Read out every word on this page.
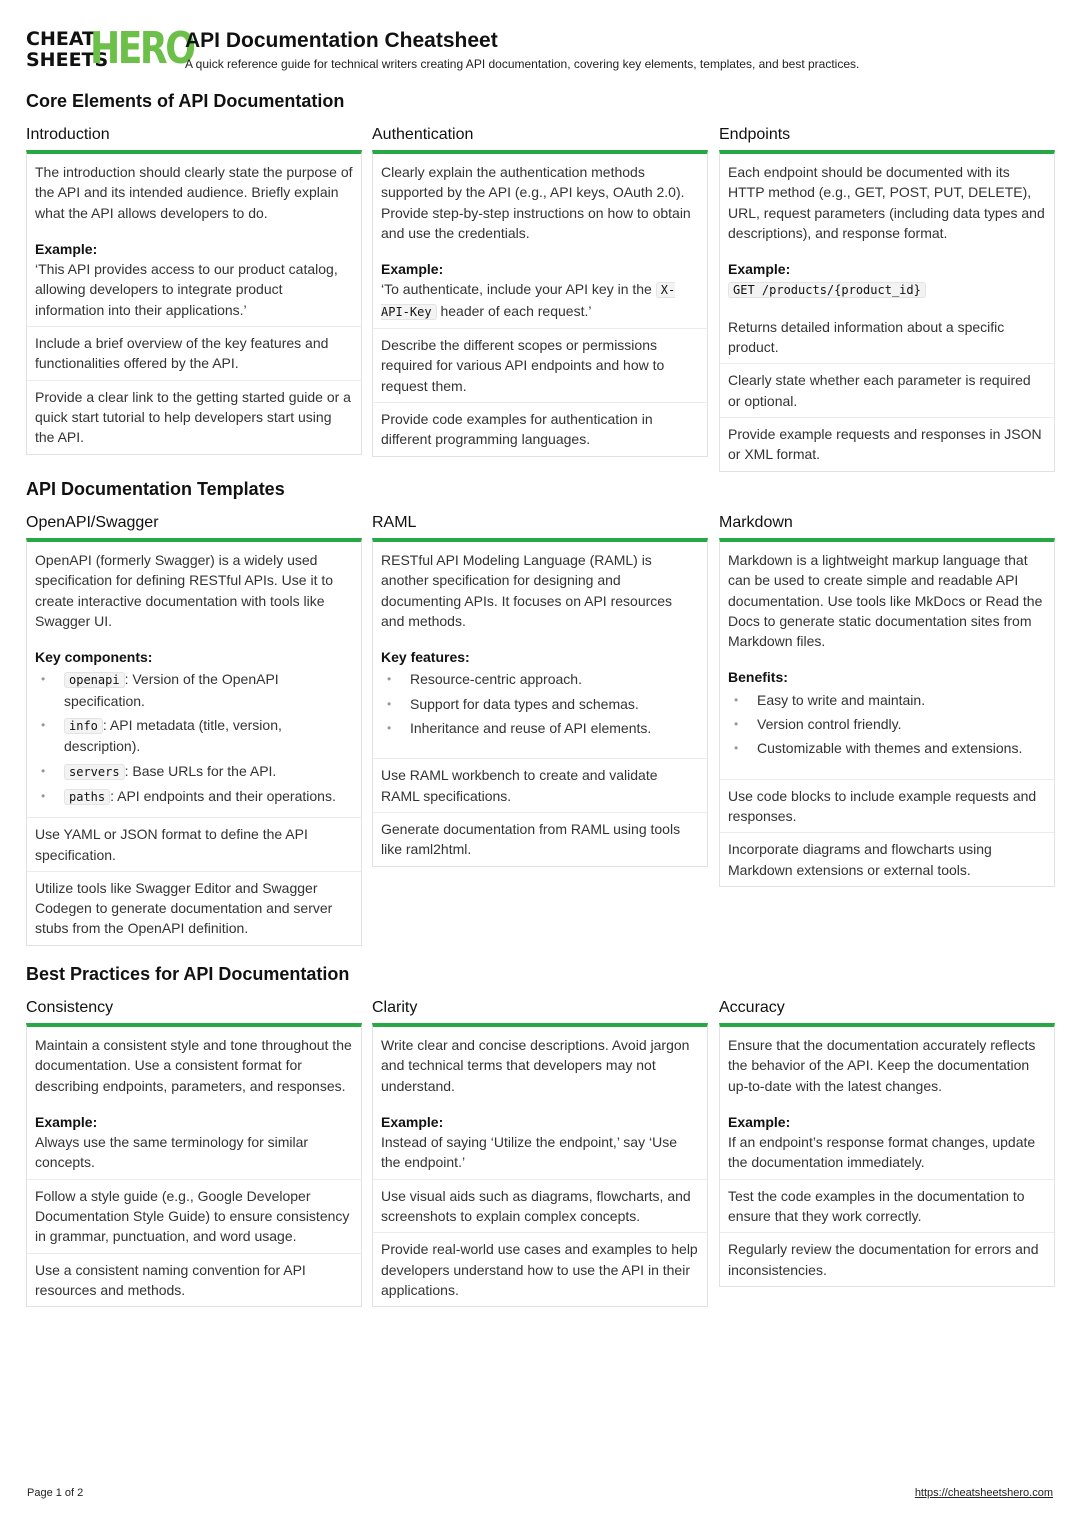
CHEAT
SHEETS
HERO
API Documentation Cheatsheet
A quick reference guide for technical writers creating API documentation, covering key elements, templates, and best practices.
Core Elements of API Documentation
Introduction

The introduction should clearly state the purpose of the API and its intended audience. Briefly explain what the API allows developers to do.

Example:

‘This API provides access to our product catalog, allowing developers to integrate product information into their applications.’

Include a brief overview of the key features and functionalities offered by the API.
Provide a clear link to the getting started guide or a quick start tutorial to help developers start using the API.
Authentication

Clearly explain the authentication methods supported by the API (e.g., API keys, OAuth 2.0). Provide step-by-step instructions on how to obtain and use the credentials.

Example:

‘To authenticate, include your API key in the X-API-Key header of each request.’

Describe the different scopes or permissions required for various API endpoints and how to request them.
Provide code examples for authentication in different programming languages.
Endpoints

Each endpoint should be documented with its HTTP method (e.g., GET, POST, PUT, DELETE), URL, request parameters (including data types and descriptions), and response format.

Example:

GET /products/{product_id}

Returns detailed information about a specific product.

Clearly state whether each parameter is required or optional.
Provide example requests and responses in JSON or XML format.
API Documentation Templates
OpenAPI/Swagger

OpenAPI (formerly Swagger) is a widely used specification for defining RESTful APIs. Use it to create interactive documentation with tools like Swagger UI.

Key components:
• openapi : Version of the OpenAPI specification.
• info : API metadata (title, version, description).
• servers : Base URLs for the API.
• paths : API endpoints and their operations.
Use YAML or JSON format to define the API specification.
Utilize tools like Swagger Editor and Swagger Codegen to generate documentation and server stubs from the OpenAPI definition.
RAML

RESTful API Modeling Language (RAML) is another specification for designing and documenting APIs. It focuses on API resources and methods.

Key features:
• Resource-centric approach.
• Support for data types and schemas.
• Inheritance and reuse of API elements.
Use RAML workbench to create and validate RAML specifications.
Generate documentation from RAML using tools like raml2html.
Markdown

Markdown is a lightweight markup language that can be used to create simple and readable API documentation. Use tools like MkDocs or Read the Docs to generate static documentation sites from Markdown files.

Benefits:
• Easy to write and maintain.
• Version control friendly.
• Customizable with themes and extensions.
Use code blocks to include example requests and responses.
Incorporate diagrams and flowcharts using Markdown extensions or external tools.
Best Practices for API Documentation
Consistency

Maintain a consistent style and tone throughout the documentation. Use a consistent format for describing endpoints, parameters, and responses.

Example:

Always use the same terminology for similar concepts.

Follow a style guide (e.g., Google Developer Documentation Style Guide) to ensure consistency in grammar, punctuation, and word usage.
Use a consistent naming convention for API resources and methods.
Clarity

Write clear and concise descriptions. Avoid jargon and technical terms that developers may not understand.

Example:

Instead of saying ‘Utilize the endpoint,’ say ‘Use the endpoint.’

Use visual aids such as diagrams, flowcharts, and screenshots to explain complex concepts.
Provide real-world use cases and examples to help developers understand how to use the API in their applications.
Accuracy

Ensure that the documentation accurately reflects the behavior of the API. Keep the documentation up-to-date with the latest changes.

Example:

If an endpoint’s response format changes, update the documentation immediately.

Test the code examples in the documentation to ensure that they work correctly.
Regularly review the documentation for errors and inconsistencies.
Page 1 of 2	https://cheatsheetshero.com
